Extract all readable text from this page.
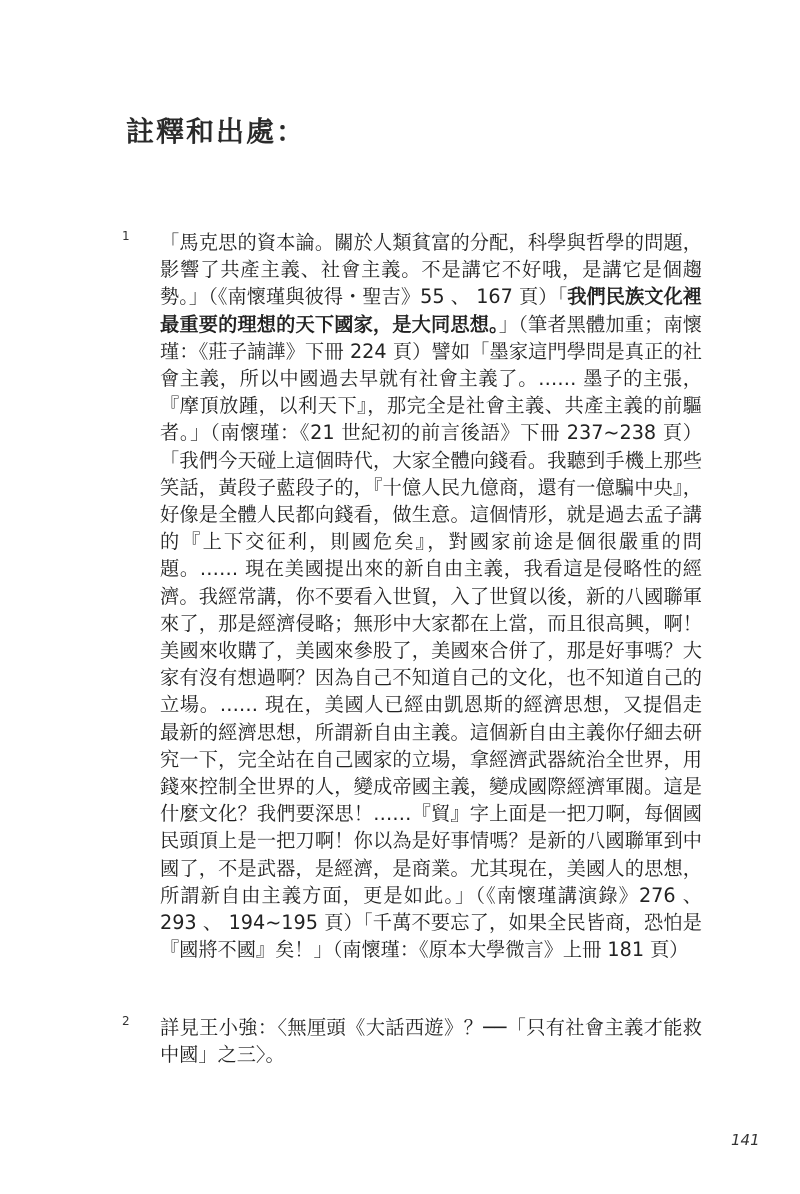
註釋和出處：
1 「馬克思的資本論。關於人類貧富的分配，科學與哲學的問題，影響了共產主義、社會主義。不是講它不好哦，是講它是個趨勢。」（《南懷瑾與彼得・聖吉》55 、 167 頁）「我們民族文化裡最重要的理想的天下國家，是大同思想。」（筆者黑體加重；南懷瑾：《莊子諵譁》下冊 224 頁）譬如「墨家這門學問是真正的社會主義，所以中國過去早就有社會主義了。…… 墨子的主張，『摩頂放踵，以利天下』，那完全是社會主義、共產主義的前驅者。」（南懷瑾：《21 世紀初的前言後語》下冊 237~238 頁）「我們今天碰上這個時代，大家全體向錢看。我聽到手機上那些笑話，黃段子藍段子的，『十億人民九億商，還有一億騙中央』，好像是全體人民都向錢看，做生意。這個情形，就是過去孟子講的『上下交征利，則國危矣』，對國家前途是個很嚴重的問題。…… 現在美國提出來的新自由主義，我看這是侵略性的經濟。我經常講，你不要看入世貿，入了世貿以後，新的八國聯軍來了，那是經濟侵略；無形中大家都在上當，而且很高興，啊！美國來收購了，美國來參股了，美國來合併了，那是好事嗎？大家有沒有想過啊？因為自己不知道自己的文化，也不知道自己的立場。…… 現在，美國人已經由凱恩斯的經濟思想，又提倡走最新的經濟思想，所謂新自由主義。這個新自由主義你仔細去研究一下，完全站在自己國家的立場，拿經濟武器統治全世界，用錢來控制全世界的人，變成帝國主義，變成國際經濟軍閥。這是什麼文化？我們要深思！……『貿』字上面是一把刀啊，每個國民頭頂上是一把刀啊！你以為是好事情嗎？是新的八國聯軍到中國了，不是武器，是經濟，是商業。尤其現在，美國人的思想，所謂新自由主義方面，更是如此。」（《南懷瑾講演錄》276 、 293 、 194~195 頁）「千萬不要忘了，如果全民皆商，恐怕是『國將不國』矣！」（南懷瑾：《原本大學微言》上冊 181 頁）
2 詳見王小強：〈無厘頭《大話西遊》？──「只有社會主義才能救中國」之三〉。
141
